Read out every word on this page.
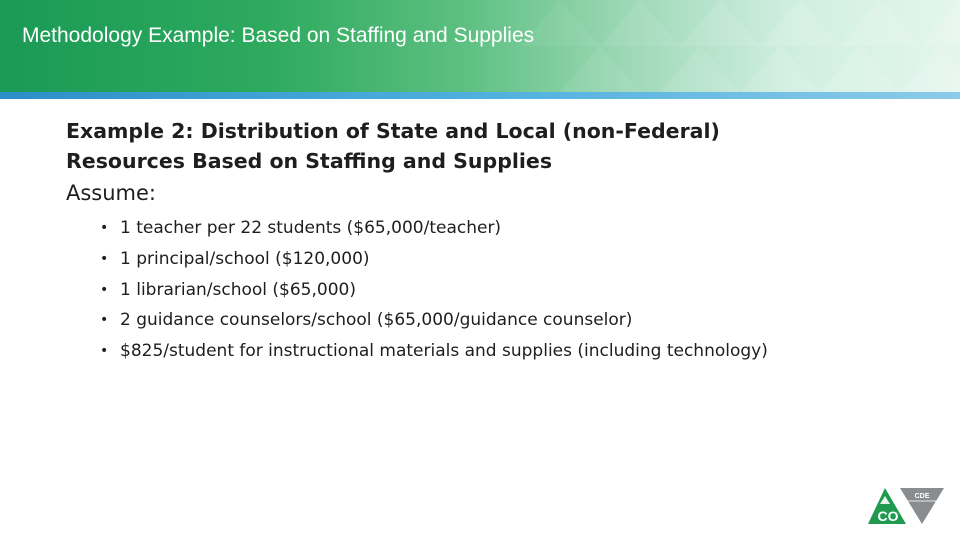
Methodology Example: Based on Staffing and Supplies
Example 2: Distribution of State and Local (non-Federal)
Resources Based on Staffing and Supplies
Assume:
• 1 teacher per 22 students ($65,000/teacher)
• 1 principal/school ($120,000)
• 1 librarian/school ($65,000)
• 2 guidance counselors/school ($65,000/guidance counselor)
• $825/student for instructional materials and supplies (including technology)
CDE
CO
